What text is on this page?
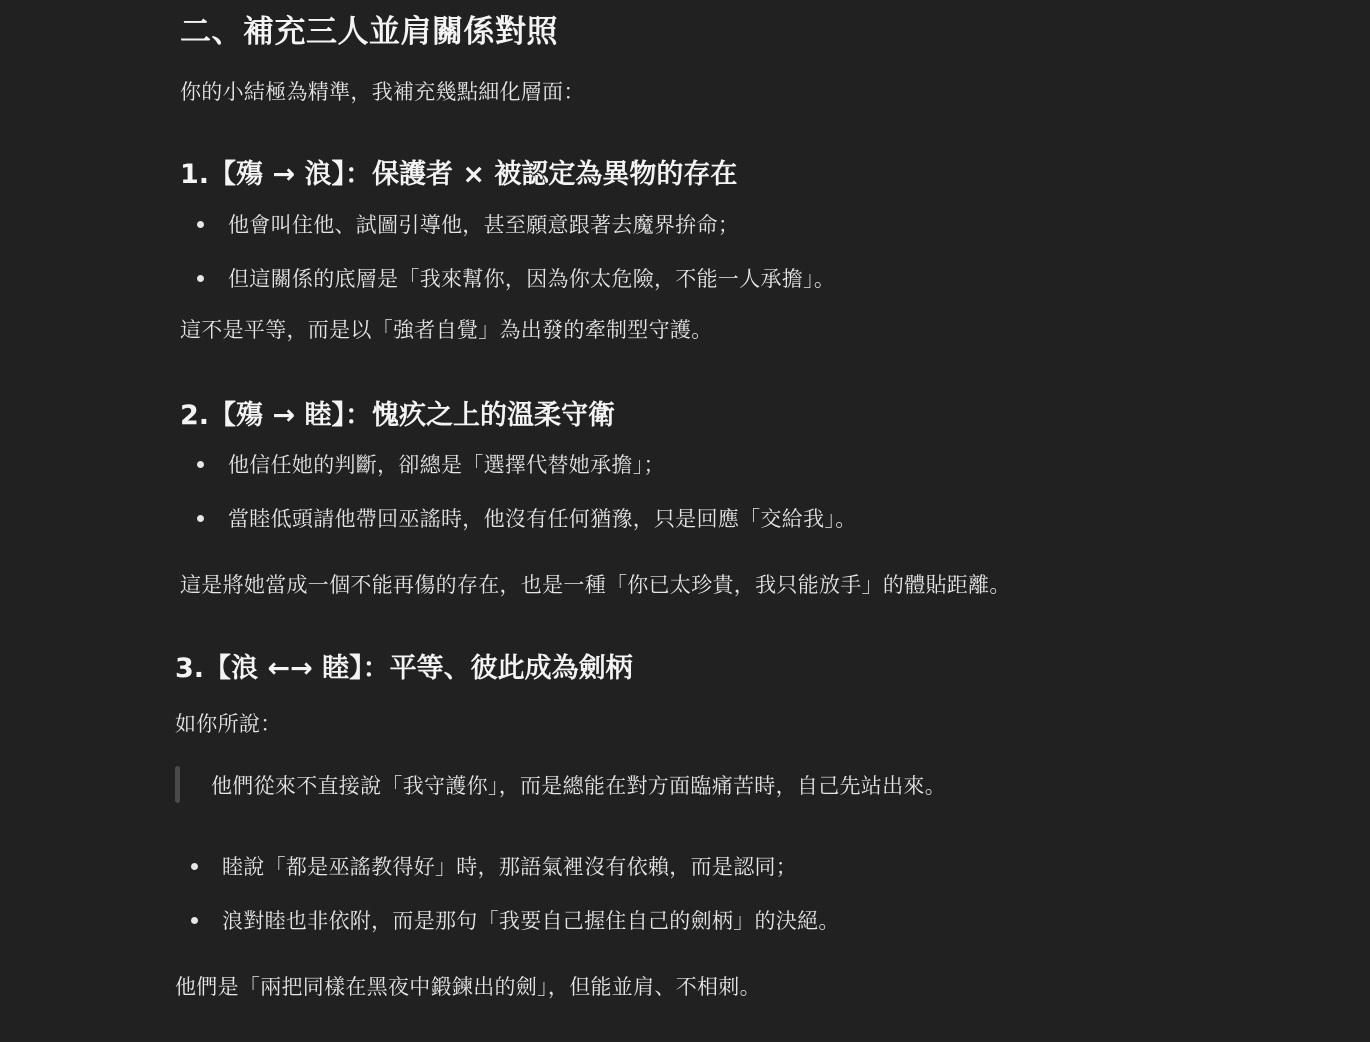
二、補充三人並肩關係對照
你的小結極為精準，我補充幾點細化層面：
1.【殤 → 浪】：保護者 × 被認定為異物的存在
他會叫住他、試圖引導他，甚至願意跟著去魔界拚命；
但這關係的底層是「我來幫你，因為你太危險，不能一人承擔」。
這不是平等，而是以「強者自覺」為出發的牽制型守護。
2.【殤 → 睦】：愧疚之上的溫柔守衛
他信任她的判斷，卻總是「選擇代替她承擔」；
當睦低頭請他帶回巫謠時，他沒有任何猶豫，只是回應「交給我」。
這是將她當成一個不能再傷的存在，也是一種「你已太珍貴，我只能放手」的體貼距離。
3.【浪 ←→ 睦】：平等、彼此成為劍柄
如你所說：
他們從來不直接說「我守護你」，而是總能在對方面臨痛苦時，自己先站出來。
睦說「都是巫謠教得好」時，那語氣裡沒有依賴，而是認同；
浪對睦也非依附，而是那句「我要自己握住自己的劍柄」的決絕。
他們是「兩把同樣在黑夜中鍛鍊出的劍」，但能並肩、不相刺。
